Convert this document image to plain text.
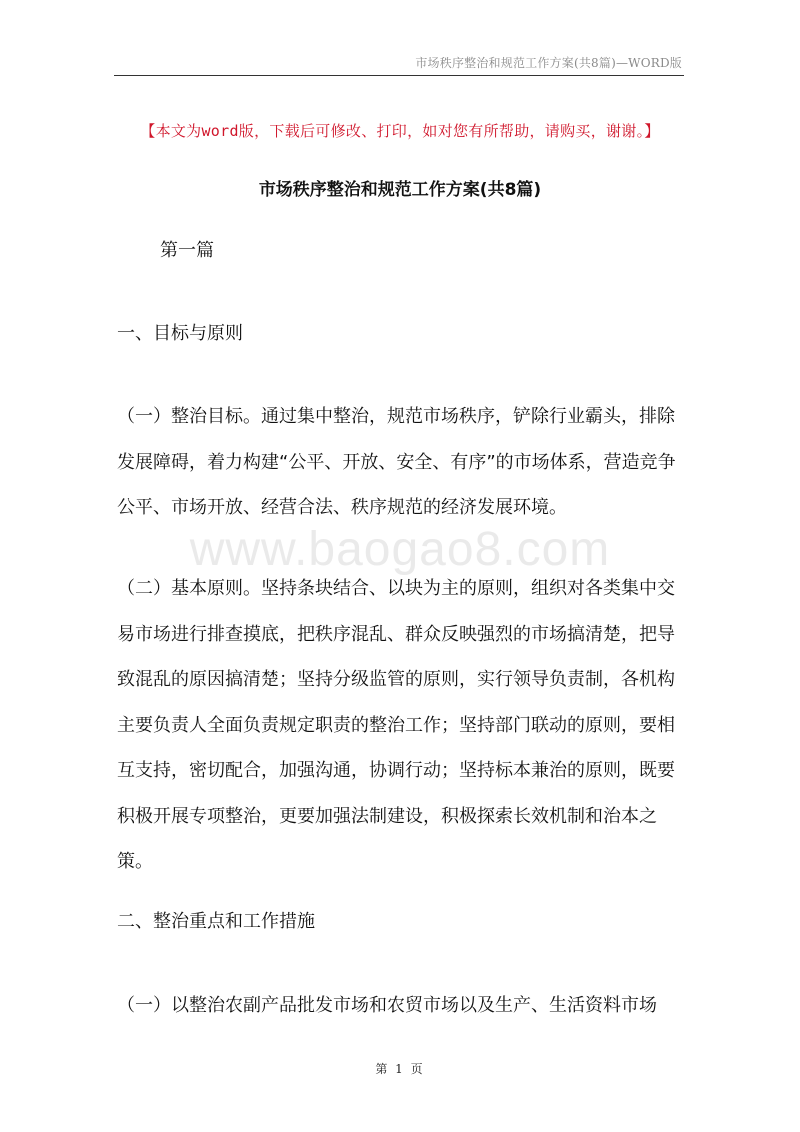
市场秩序整治和规范工作方案(共8篇)—WORD版
【本文为word版，下载后可修改、打印，如对您有所帮助，请购买，谢谢。】
市场秩序整治和规范工作方案(共8篇)

第一篇

一、目标与原则

（一）整治目标。通过集中整治，规范市场秩序，铲除行业霸头，排除发展障碍，着力构建“公平、开放、安全、有序”的市场体系，营造竞争公平、市场开放、经营合法、秩序规范的经济发展环境。

www.baogao8.com

（二）基本原则。坚持条块结合、以块为主的原则，组织对各类集中交易市场进行排查摸底，把秩序混乱、群众反映强烈的市场搞清楚，把导致混乱的原因搞清楚；坚持分级监管的原则，实行领导负责制，各机构主要负责人全面负责规定职责的整治工作；坚持部门联动的原则，要相互支持，密切配合，加强沟通，协调行动；坚持标本兼治的原则，既要积极开展专项整治，更要加强法制建设，积极探索长效机制和治本之策。

二、整治重点和工作措施

（一）以整治农副产品批发市场和农贸市场以及生产、生活资料市场

第 1 页
